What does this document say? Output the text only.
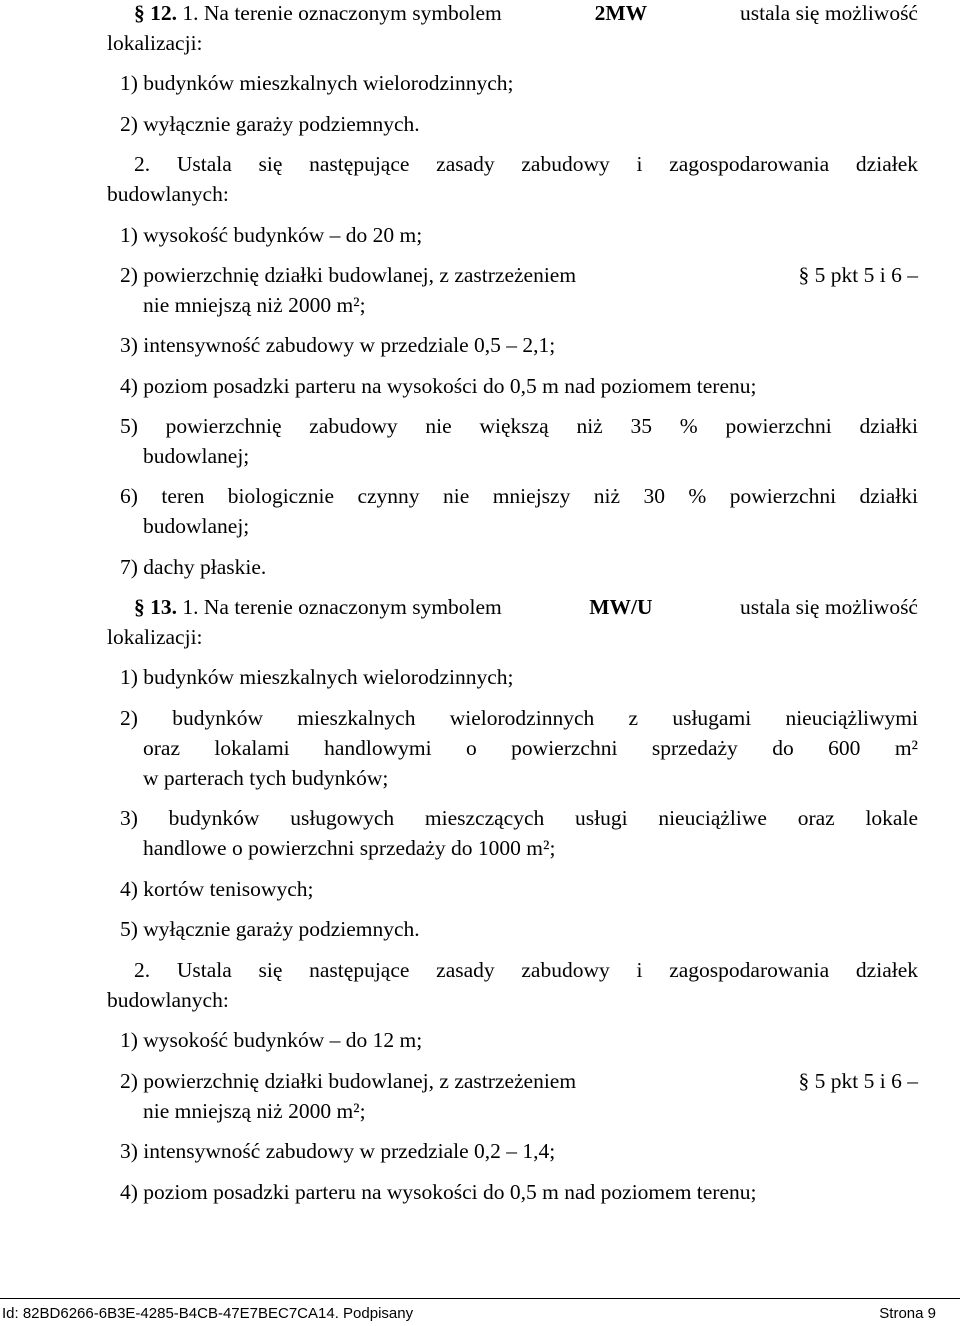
§ 12. 1. Na terenie oznaczonym symbolem	2MW	ustala się możliwość
lokalizacji:
1) budynków mieszkalnych wielorodzinnych;
2) wyłącznie garaży podziemnych.
2. Ustala się następujące zasady zabudowy i zagospodarowania działek
budowlanych:
1) wysokość budynków – do 20 m;
2) powierzchnię działki budowlanej, z zastrzeżeniem	§ 5 pkt 5 i 6 –
nie mniejszą niż 2000 m²;
3) intensywność zabudowy w przedziale 0,5 – 2,1;
4) poziom posadzki parteru na wysokości do 0,5 m nad poziomem terenu;
5) powierzchnię zabudowy nie większą niż 35 % powierzchni działki
budowlanej;
6) teren biologicznie czynny nie mniejszy niż 30 % powierzchni działki
budowlanej;
7) dachy płaskie.
§ 13. 1. Na terenie oznaczonym symbolem	MW/U	ustala się możliwość
lokalizacji:
1) budynków mieszkalnych wielorodzinnych;
2) budynków mieszkalnych wielorodzinnych z usługami nieuciążliwymi
oraz lokalami handlowymi o powierzchni sprzedaży do 600 m²
w parterach tych budynków;
3) budynków usługowych mieszczących usługi nieuciążliwe oraz lokale
handlowe o powierzchni sprzedaży do 1000 m²;
4) kortów tenisowych;
5) wyłącznie garaży podziemnych.
2. Ustala się następujące zasady zabudowy i zagospodarowania działek
budowlanych:
1) wysokość budynków – do 12 m;
2) powierzchnię działki budowlanej, z zastrzeżeniem	§ 5 pkt 5 i 6 –
nie mniejszą niż 2000 m²;
3) intensywność zabudowy w przedziale 0,2 – 1,4;
4) poziom posadzki parteru na wysokości do 0,5 m nad poziomem terenu;
Id: 82BD6266-6B3E-4285-B4CB-47E7BEC7CA14. Podpisany	Strona 9
